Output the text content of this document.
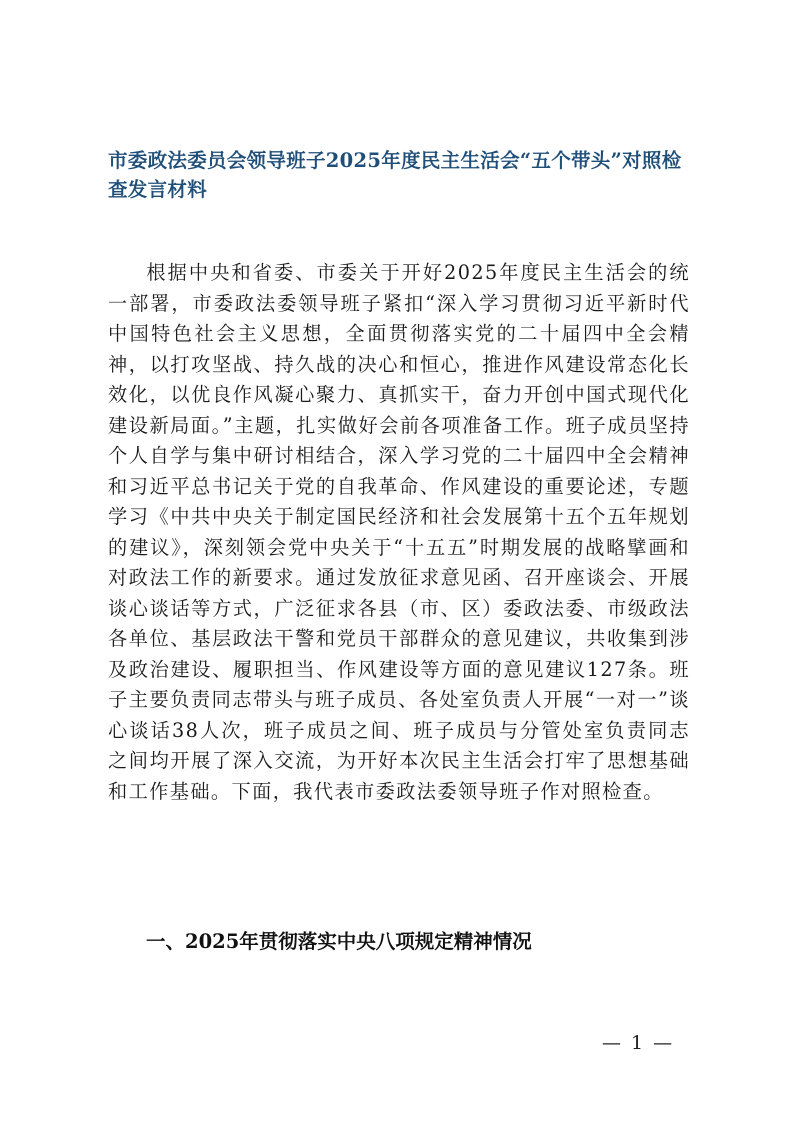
市委政法委员会领导班子2025年度民主生活会“五个带头”对照检查发言材料

根据中央和省委、市委关于开好2025年度民主生活会的统一部署，市委政法委领导班子紧扣“深入学习贯彻习近平新时代中国特色社会主义思想，全面贯彻落实党的二十届四中全会精神，以打攻坚战、持久战的决心和恒心，推进作风建设常态化长效化，以优良作风凝心聚力、真抓实干，奋力开创中国式现代化建设新局面。”主题，扎实做好会前各项准备工作。班子成员坚持个人自学与集中研讨相结合，深入学习党的二十届四中全会精神和习近平总书记关于党的自我革命、作风建设的重要论述，专题学习《中共中央关于制定国民经济和社会发展第十五个五年规划的建议》，深刻领会党中央关于“十五五”时期发展的战略擘画和对政法工作的新要求。通过发放征求意见函、召开座谈会、开展谈心谈话等方式，广泛征求各县（市、区）委政法委、市级政法各单位、基层政法干警和党员干部群众的意见建议，共收集到涉及政治建设、履职担当、作风建设等方面的意见建议127条。班子主要负责同志带头与班子成员、各处室负责人开展“一对一”谈心谈话38人次，班子成员之间、班子成员与分管处室负责同志之间均开展了深入交流，为开好本次民主生活会打牢了思想基础和工作基础。下面，我代表市委政法委领导班子作对照检查。

一、2025年贯彻落实中央八项规定精神情况
— 1 —
